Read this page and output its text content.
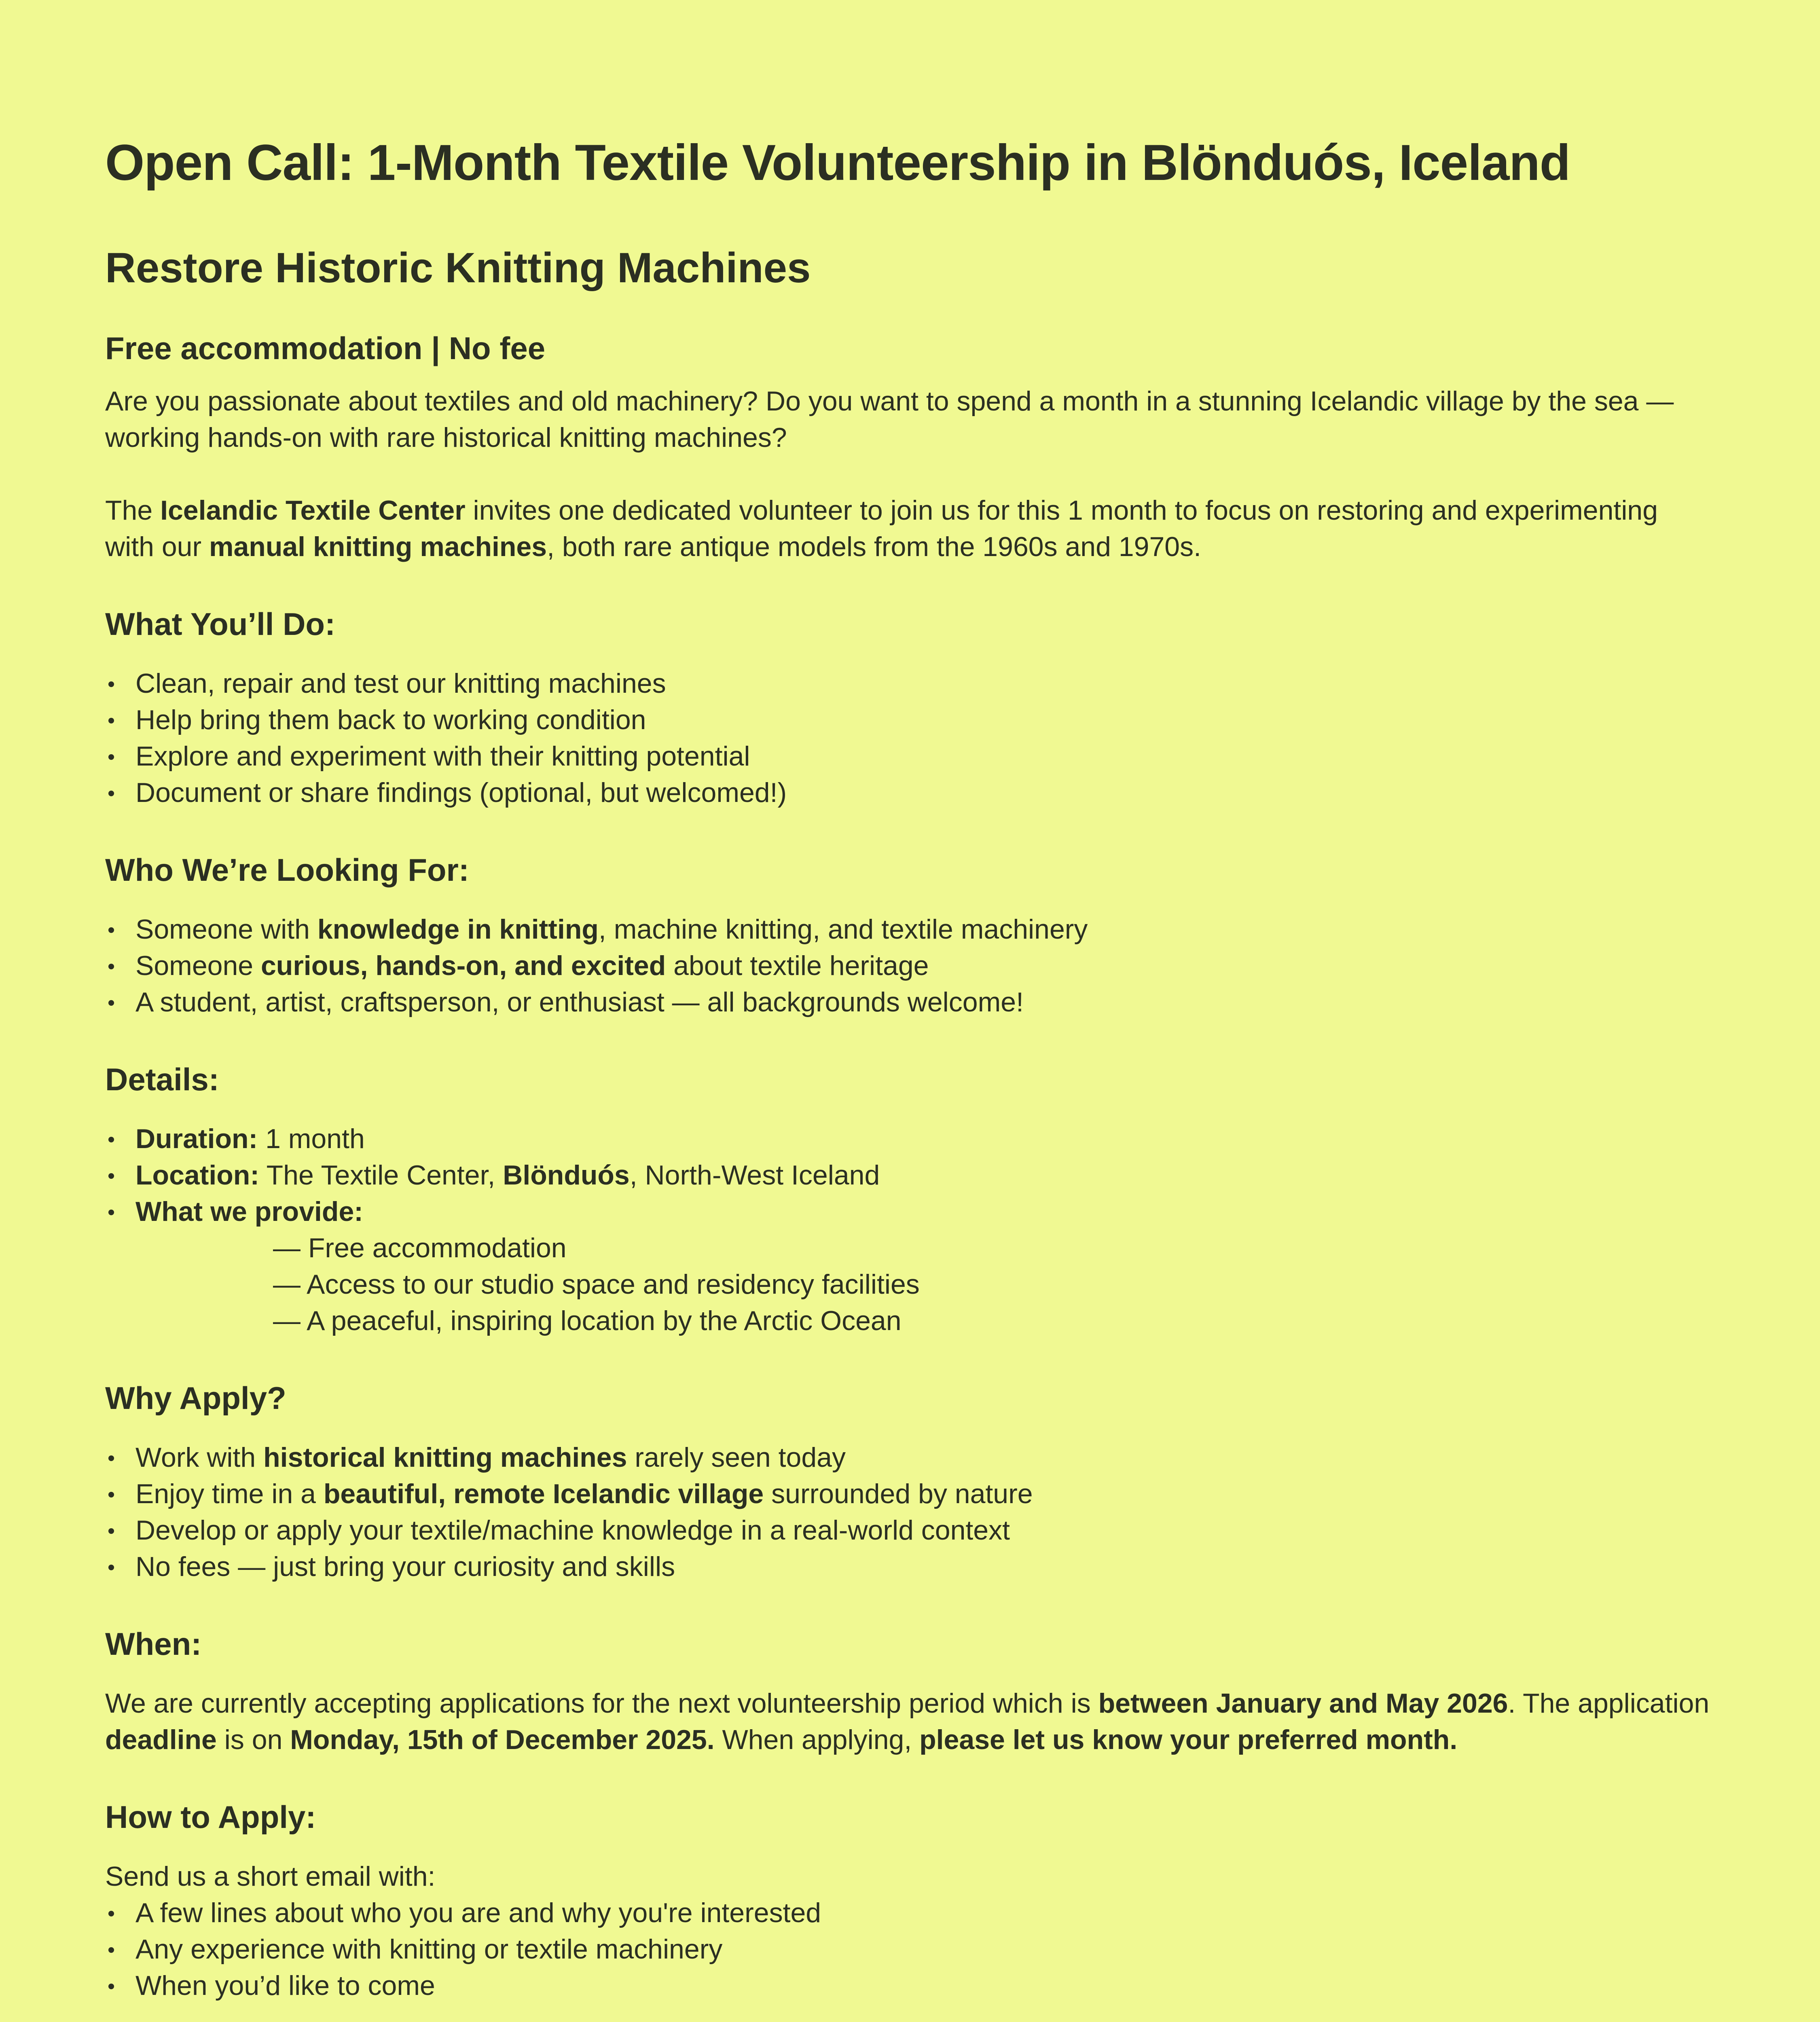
Open Call: 1-Month Textile Volunteership in Blönduós, Iceland
Restore Historic Knitting Machines
Free accommodation | No fee

Are you passionate about textiles and old machinery? Do you want to spend a month in a stunning Icelandic village by the sea — working hands-on with rare historical knitting machines?

The Icelandic Textile Center invites one dedicated volunteer to join us for this 1 month to focus on restoring and experimenting with our manual knitting machines, both rare antique models from the 1960s and 1970s.

What You’ll Do:
Clean, repair and test our knitting machines
Help bring them back to working condition
Explore and experiment with their knitting potential
Document or share findings (optional, but welcomed!)
Who We’re Looking For:
Someone with knowledge in knitting, machine knitting, and textile machinery
Someone curious, hands-on, and excited about textile heritage
A student, artist, craftsperson, or enthusiast — all backgrounds welcome!
Details:
Duration: 1 month
Location: The Textile Center, Blönduós, North-West Iceland
What we provide:
— Free accommodation
— Access to our studio space and residency facilities
— A peaceful, inspiring location by the Arctic Ocean
Why Apply?
Work with historical knitting machines rarely seen today
Enjoy time in a beautiful, remote Icelandic village surrounded by nature
Develop or apply your textile/machine knowledge in a real-world context
No fees — just bring your curiosity and skills
When:

We are currently accepting applications for the next volunteership period which is between January and May 2026. The application deadline is on Monday, 15th of December 2025. When applying, please let us know your preferred month.

How to Apply:

Send us a short email with:

A few lines about who you are and why you're interested
Any experience with knitting or textile machinery
When you’d like to come
